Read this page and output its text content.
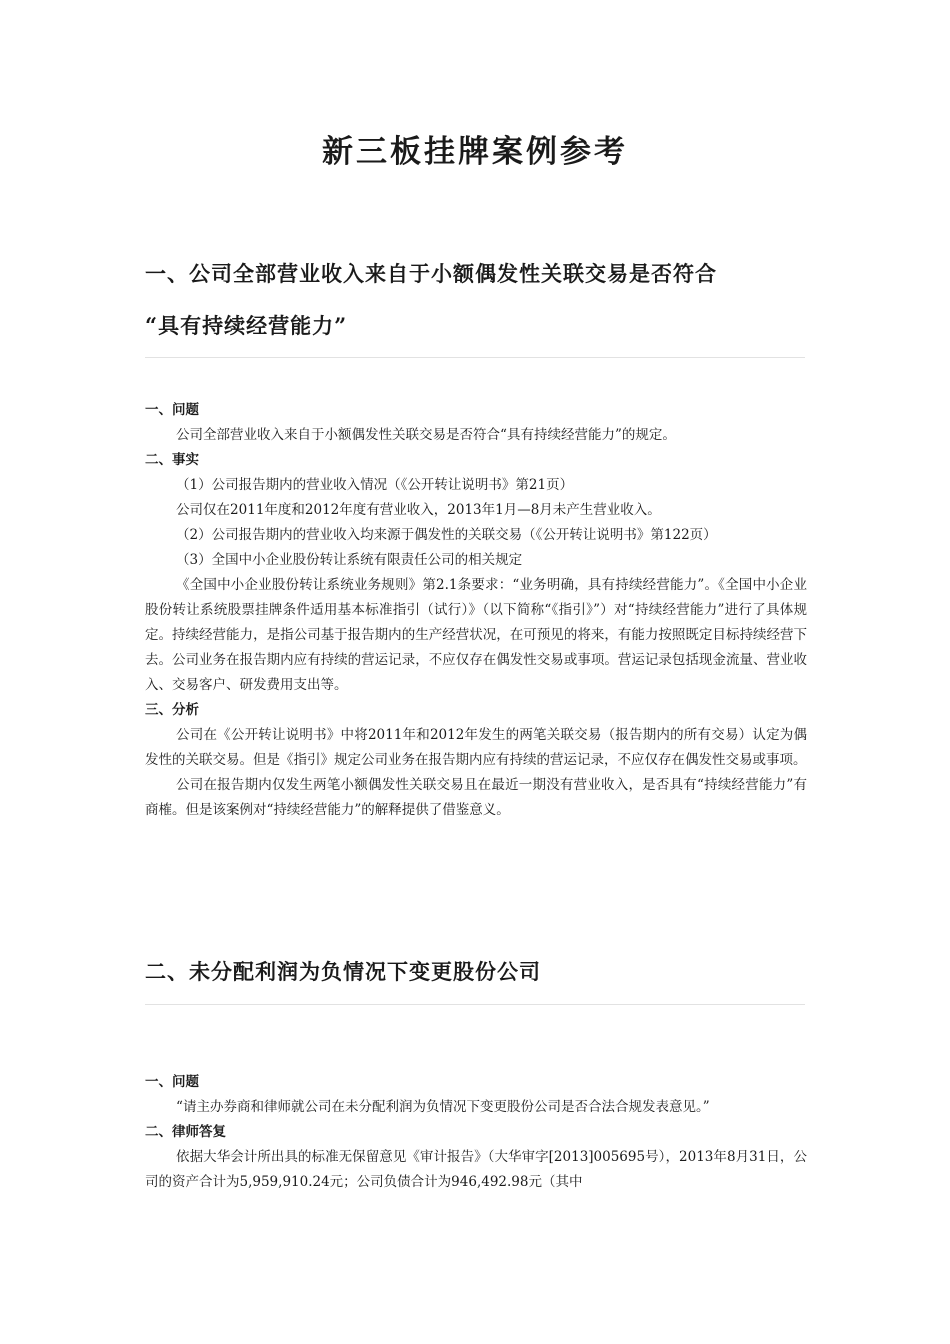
新三板挂牌案例参考
一、公司全部营业收入来自于小额偶发性关联交易是否符合
“具有持续经营能力”

一、问题

公司全部营业收入来自于小额偶发性关联交易是否符合“具有持续经营能力”的规定。

二、事实

（1）公司报告期内的营业收入情况（《公开转让说明书》第21页）

公司仅在2011年度和2012年度有营业收入，2013年1月—8月未产生营业收入。

（2）公司报告期内的营业收入均来源于偶发性的关联交易（《公开转让说明书》第122页）

（3）全国中小企业股份转让系统有限责任公司的相关规定

《全国中小企业股份转让系统业务规则》第2.1条要求：“业务明确，具有持续经营能力”。《全国中小企业股份转让系统股票挂牌条件适用基本标准指引（试行）》（以下简称“《指引》”）对“持续经营能力”进行了具体规定。持续经营能力，是指公司基于报告期内的生产经营状况，在可预见的将来，有能力按照既定目标持续经营下去。公司业务在报告期内应有持续的营运记录，不应仅存在偶发性交易或事项。营运记录包括现金流量、营业收入、交易客户、研发费用支出等。

三、分析

公司在《公开转让说明书》中将2011年和2012年发生的两笔关联交易（报告期内的所有交易）认定为偶发性的关联交易。但是《指引》规定公司业务在报告期内应有持续的营运记录，不应仅存在偶发性交易或事项。

公司在报告期内仅发生两笔小额偶发性关联交易且在最近一期没有营业收入，是否具有“持续经营能力”有商榷。但是该案例对“持续经营能力”的解释提供了借鉴意义。

二、未分配利润为负情况下变更股份公司

一、问题

“请主办券商和律师就公司在未分配利润为负情况下变更股份公司是否合法合规发表意见。”

二、律师答复

依据大华会计所出具的标准无保留意见《审计报告》（大华审字[2013]005695号），2013年8月31日，公司的资产合计为5,959,910.24元；公司负债合计为946,492.98元（其中
